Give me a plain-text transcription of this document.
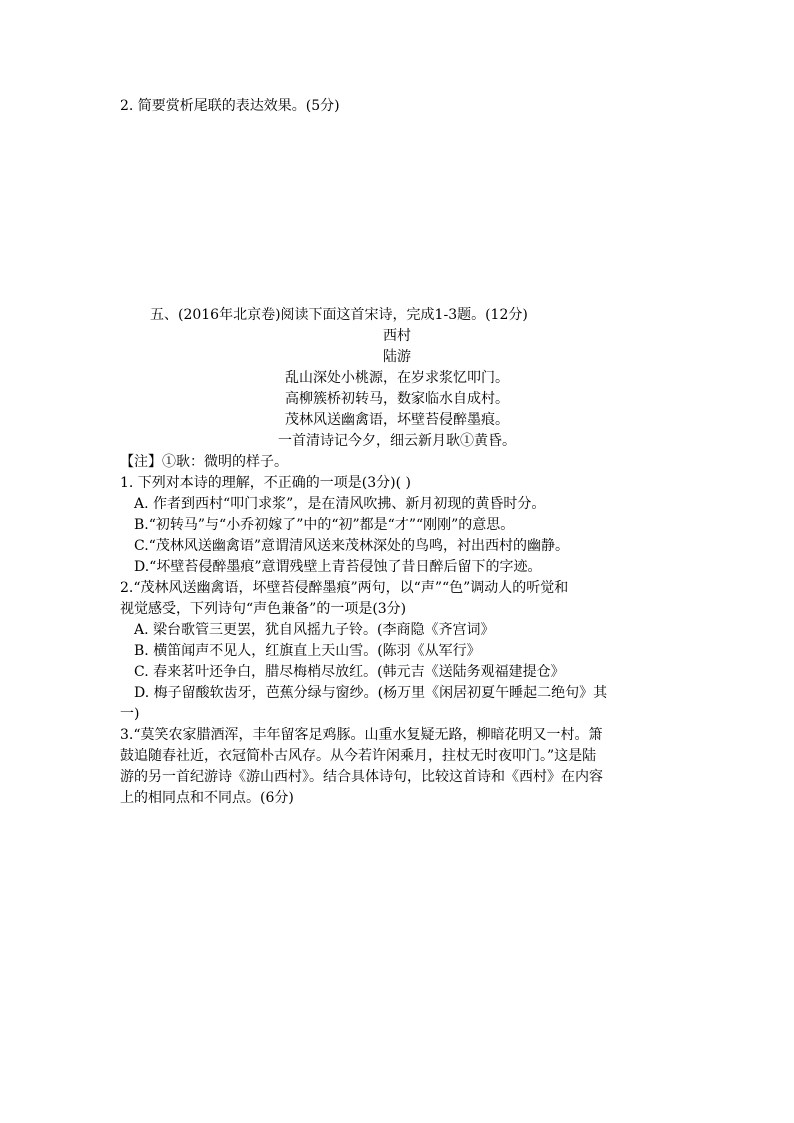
2. 简要赏析尾联的表达效果。(5分)
五、(2016年北京卷)阅读下面这首宋诗，完成1-3题。(12分)
西村
陆游
乱山深处小桃源，在岁求浆忆叩门。
高柳簇桥初转马，数家临水自成村。
茂林风送幽禽语，坏壁苔侵醉墨痕。
一首清诗记今夕，细云新月耿①黄昏。
【注】①耿：微明的样子。
1. 下列对本诗的理解，不正确的一项是(3分)( )
A. 作者到西村“叩门求浆”，是在清风吹拂、新月初现的黄昏时分。
B.“初转马”与“小乔初嫁了”中的“初”都是“才”“刚刚”的意思。
C.“茂林风送幽禽语”意谓清风送来茂林深处的鸟鸣，衬出西村的幽静。
D.“坏壁苔侵醉墨痕”意谓残壁上青苔侵蚀了昔日醉后留下的字迹。
2.“茂林风送幽禽语，坏壁苔侵醉墨痕”两句，以“声”“色”调动人的听觉和
视觉感受，下列诗句“声色兼备”的一项是(3分)
A. 梁台歌管三更罢，犹自风摇九子铃。(李商隐《齐宫词》
B. 横笛闻声不见人，红旗直上天山雪。(陈羽《从军行》
C. 春来茗叶还争白，腊尽梅梢尽放红。(韩元吉《送陆务观福建提仓》
D. 梅子留酸软齿牙，芭蕉分绿与窗纱。(杨万里《闲居初夏午睡起二绝句》其
一)
3.“莫笑农家腊酒浑，丰年留客足鸡豚。山重水复疑无路，柳暗花明又一村。箫
鼓追随春社近，衣冠简朴古风存。从今若许闲乘月，拄杖无时夜叩门。”这是陆
游的另一首纪游诗《游山西村》。结合具体诗句，比较这首诗和《西村》在内容
上的相同点和不同点。(6分)
